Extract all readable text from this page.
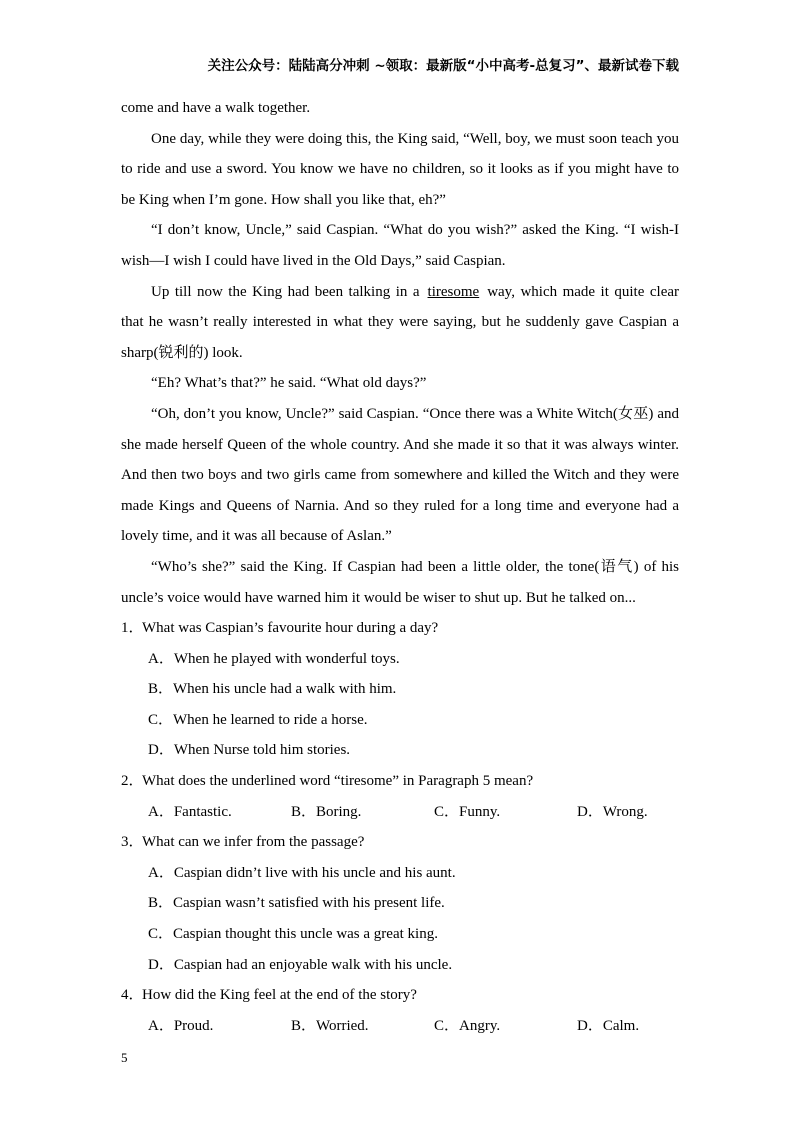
关注公众号：陆陆高分冲刺 ~领取：最新版“小中高考-总复习”、最新试卷下载

come and have a walk together.

One day, while they were doing this, the King said, “Well, boy, we must soon teach you to ride and use a sword. You know we have no children, so it looks as if you might have to be King when I’m gone. How shall you like that, eh?”

“I don’t know, Uncle,” said Caspian. “What do you wish?” asked the King. “I wish-I wish—I wish I could have lived in the Old Days,” said Caspian.

Up till now the King had been talking in a tiresome way, which made it quite clear that he wasn’t really interested in what they were saying, but he suddenly gave Caspian a sharp(锐利的) look.

“Eh? What’s that?” he said. “What old days?”

“Oh, don’t you know, Uncle?” said Caspian. “Once there was a White Witch(女巫) and she made herself Queen of the whole country. And she made it so that it was always winter. And then two boys and two girls came from somewhere and killed the Witch and they were made Kings and Queens of Narnia. And so they ruled for a long time and everyone had a lovely time, and it was all because of Aslan.”

“Who’s she?” said the King. If Caspian had been a little older, the tone(语气) of his uncle’s voice would have warned him it would be wiser to shut up. But he talked on...

1．
What was Caspian’s favourite hour during a day?
A．When he played with wonderful toys.
B．When his uncle had a walk with him.
C．When he learned to ride a horse.
D．When Nurse told him stories.
2．
What does the underlined word “tiresome” in Paragraph 5 mean?
A．Fantastic.	B．Boring.	C．Funny.	D．Wrong.
3．
What can we infer from the passage?
A．Caspian didn’t live with his uncle and his aunt.
B．Caspian wasn’t satisfied with his present life.
C．Caspian thought this uncle was a great king.
D．Caspian had an enjoyable walk with his uncle.
4．
How did the King feel at the end of the story?
A．Proud.	B．Worried.	C．Angry.	D．Calm.
5
